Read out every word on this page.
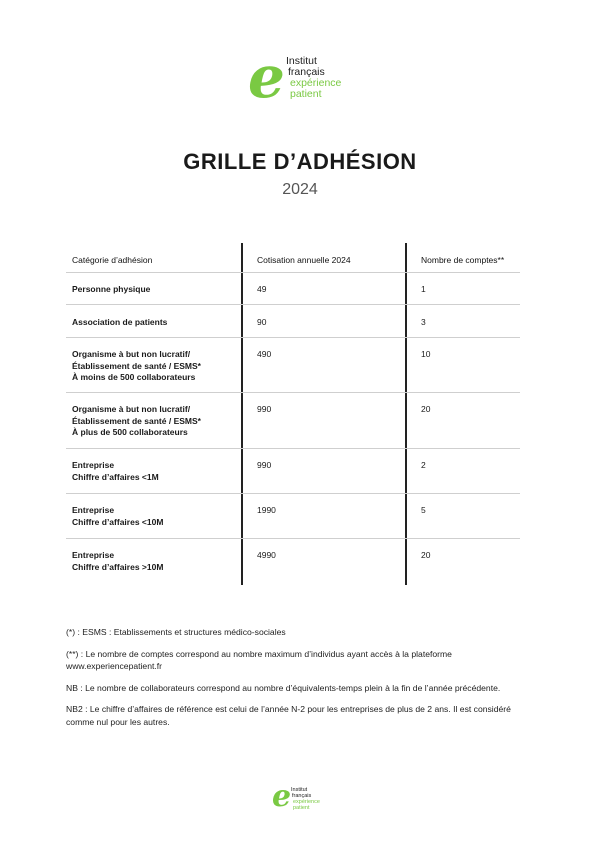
e Institut
français
expérience
patient
GRILLE D’ADHÉSION
2024
Catégorie d’adhésion	Cotisation annuelle 2024	Nombre de comptes**
Personne physique	49	1
Association de patients	90	3
Organisme à but non lucratif/
Établissement de santé / ESMS*
À moins de 500 collaborateurs
490	10
Organisme à but non lucratif/
Établissement de santé / ESMS*
À plus de 500 collaborateurs
990	20
Entreprise
Chiffre d’affaires <1M
990	2
Entreprise
Chiffre d’affaires <10M
1990	5
Entreprise
Chiffre d’affaires >10M
4990	20

(*) : ESMS : Etablissements et structures médico-sociales

(**) : Le nombre de comptes correspond au nombre maximum d’individus ayant accès à la plateforme www.experiencepatient.fr

NB : Le nombre de collaborateurs correspond au nombre d’équivalents-temps plein à la fin de l’année précédente.

NB2 : Le chiffre d’affaires de référence est celui de l’année N-2 pour les entreprises de plus de 2 ans. Il est considéré comme nul pour les autres.

e Institut
français
expérience
patient
